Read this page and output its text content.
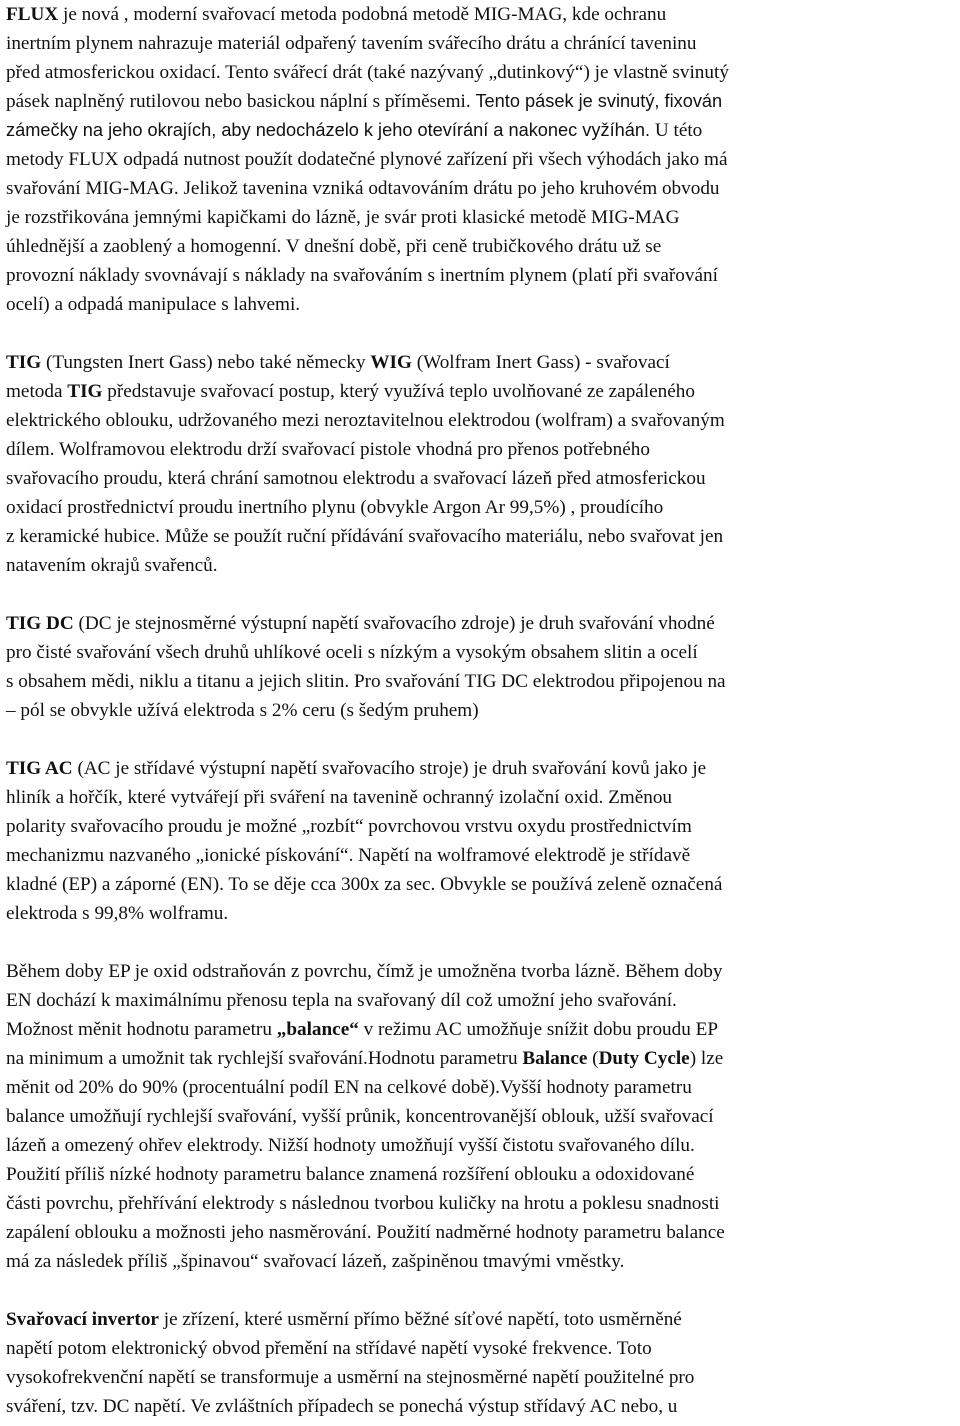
FLUX je nová , moderní svařovací metoda podobná metodě MIG-MAG, kde ochranu
inertním plynem nahrazuje materiál odpařený tavením svářecího drátu a chránící taveninu
před atmosferickou oxidací. Tento svářecí drát (také nazývaný „dutinkový“) je vlastně svinutý
pásek naplněný rutilovou nebo basickou náplní s příměsemi. Tento pásek je svinutý, fixován
zámečky na jeho okrajích, aby nedocházelo k jeho otevírání a nakonec vyžíhán. U této
metody FLUX odpadá nutnost použít dodatečné plynové zařízení při všech výhodách jako má
svařování MIG-MAG. Jelikož tavenina vzniká odtavováním drátu po jeho kruhovém obvodu
je rozstřikována jemnými kapičkami do lázně, je svár proti klasické metodě MIG-MAG
úhlednější a zaoblený a homogenní. V dnešní době, při ceně trubičkového drátu už se
provozní náklady svovnávají s náklady na svařováním s inertním plynem (platí při svařování
ocelí) a odpadá manipulace s lahvemi.
TIG (Tungsten Inert Gass) nebo také německy WIG (Wolfram Inert Gass) - svařovací
metoda TIG představuje svařovací postup, který využívá teplo uvolňované ze zapáleného
elektrického oblouku, udržovaného mezi neroztavitelnou elektrodou (wolfram) a svařovaným
dílem. Wolframovou elektrodu drží svařovací pistole vhodná pro přenos potřebného
svařovacího proudu, která chrání samotnou elektrodu a svařovací lázeň před atmosferickou
oxidací prostřednictví proudu inertního plynu (obvykle Argon Ar 99,5%) , proudícího
z keramické hubice. Může se použít ruční přídávání svařovacího materiálu, nebo svařovat jen
natavením okrajů svařenců.
TIG DC (DC je stejnosměrné výstupní napětí svařovacího zdroje) je druh svařování vhodné
pro čisté svařování všech druhů uhlíkové oceli s nízkým a vysokým obsahem slitin a ocelí
s obsahem mědi, niklu a titanu a jejich slitin. Pro svařování TIG DC elektrodou připojenou na
– pól se obvykle užívá elektroda s 2% ceru (s šedým pruhem)
TIG AC (AC je střídavé výstupní napětí svařovacího stroje) je druh svařování kovů jako je
hliník a hořčík, které vytvářejí při sváření na tavenině ochranný izolační oxid. Změnou
polarity svařovacího proudu je možné „rozbít“ povrchovou vrstvu oxydu prostřednictvím
mechanizmu nazvaného „ionické pískování“. Napětí na wolframové elektrodě je střídavě
kladné (EP) a záporné (EN). To se děje cca 300x za sec. Obvykle se používá zeleně označená
elektroda s 99,8% wolframu.
Během doby EP je oxid odstraňován z povrchu, čímž je umožněna tvorba lázně. Během doby
EN dochází k maximálnímu přenosu tepla na svařovaný díl což umožní jeho svařování.
Možnost měnit hodnotu parametru „balance“ v režimu AC umožňuje snížit dobu proudu EP
na minimum a umožnit tak rychlejší svařování.Hodnotu parametru Balance (Duty Cycle) lze
měnit od 20% do 90% (procentuální podíl EN na celkové době).Vyšší hodnoty parametru
balance umožňují rychlejší svařování, vyšší průnik, koncentrovanější oblouk, užší svařovací
lázeň a omezený ohřev elektrody. Nižší hodnoty umožňují vyšší čistotu svařovaného dílu.
Použití příliš nízké hodnoty parametru balance znamená rozšíření oblouku a odoxidované
části povrchu, přehřívání elektrody s následnou tvorbou kuličky na hrotu a poklesu snadnosti
zapálení oblouku a možnosti jeho nasměrování. Použití nadměrné hodnoty parametru balance
má za následek příliš „špinavou“ svařovací lázeň, zašpiněnou tmavými vměstky.
Svařovací invertor je zřízení, které usměrní přímo běžné síťové napětí, toto usměrněné
napětí potom elektronický obvod přemění na střídavé napětí vysoké frekvence. Toto
vysokofrekvenční napětí se transformuje a usměrní na stejnosměrné napětí použitelné pro
sváření, tzv. DC napětí. Ve zvláštních případech se ponechá výstup střídavý AC nebo, u
